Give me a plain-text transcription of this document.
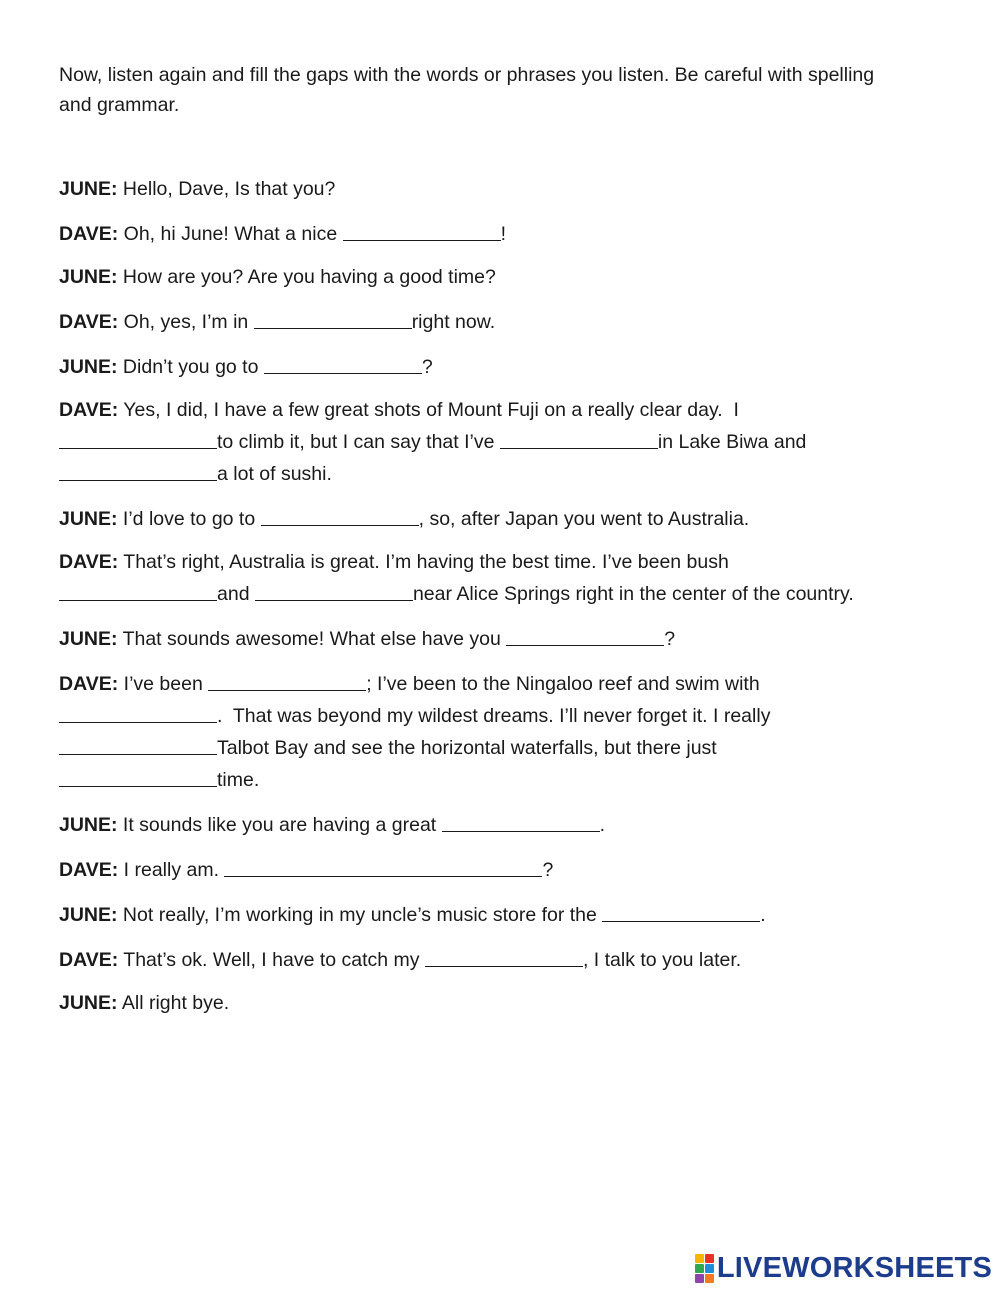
Now, listen again and fill the gaps with the words or phrases you listen. Be careful with spelling and grammar.
JUNE: Hello, Dave, Is that you?
DAVE: Oh, hi June! What a nice	!
JUNE: How are you? Are you having a good time?
DAVE: Oh, yes, I’m in	right now.
JUNE: Didn’t you go to	?
DAVE: Yes, I did, I have a few great shots of Mount Fuji on a really clear day.  I
to climb it, but I can say that I’ve	in Lake Biwa and
a lot of sushi.
JUNE: I’d love to go to	, so, after Japan you went to Australia.
DAVE: That’s right, Australia is great. I’m having the best time. I’ve been bush
and	near Alice Springs right in the center of the country.
JUNE: That sounds awesome! What else have you	?
DAVE: I’ve been	; I’ve been to the Ningaloo reef and swim with
.  That was beyond my wildest dreams. I’ll never forget it. I really
Talbot Bay and see the horizontal waterfalls, but there just
time.
JUNE: It sounds like you are having a great	.
DAVE: I really am.	?
JUNE: Not really, I’m working in my uncle’s music store for the	.
DAVE: That’s ok. Well, I have to catch my	, I talk to you later.
JUNE: All right bye.
LIVEWORKSHEETS
